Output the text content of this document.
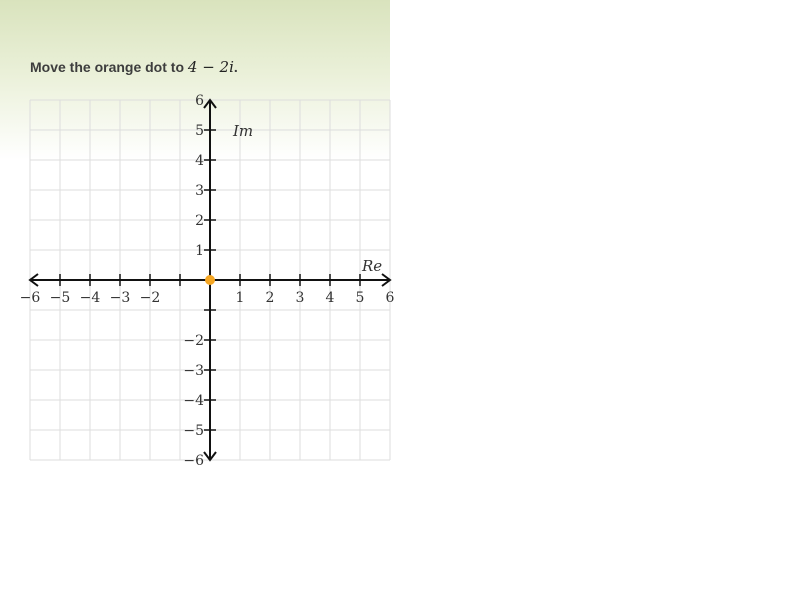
Move the orange dot to 4 − 2i.
−6 −5 −4 −3 −2	1 2 3 4 5 6
6
5
4
3
2
1
−2
−3
−4
−5
−6
Re
Im
